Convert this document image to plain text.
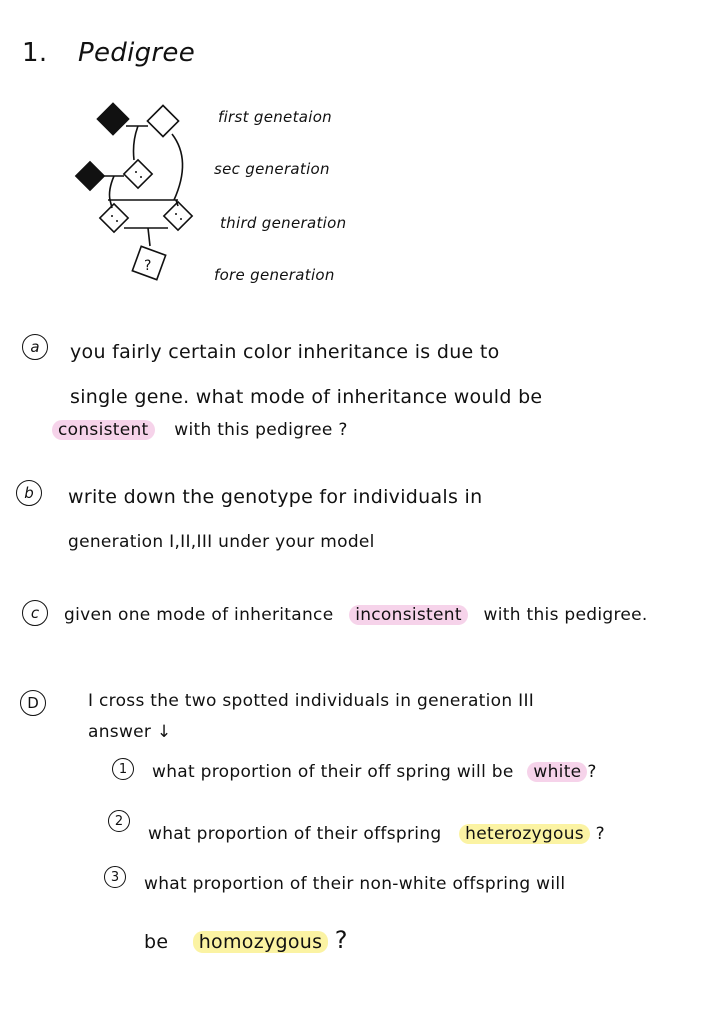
1. Pedigree
?
first genetaion
sec generation
third generation
fore generation
a	you fairly certain color inheritance is due to
single gene. what mode of inheritance would be
consistent with this pedigree ?
b	write down the genotype for individuals in
generation I,II,III under your model
c	given one mode of inheritance inconsistent with this pedigree.
D	I cross the two spotted individuals in generation III
answer ↓
1	what proportion of their off spring will be white ?
2
what proportion of their offspring heterozygous ?
3	what proportion of their non-white offspring will
be homozygous ?
